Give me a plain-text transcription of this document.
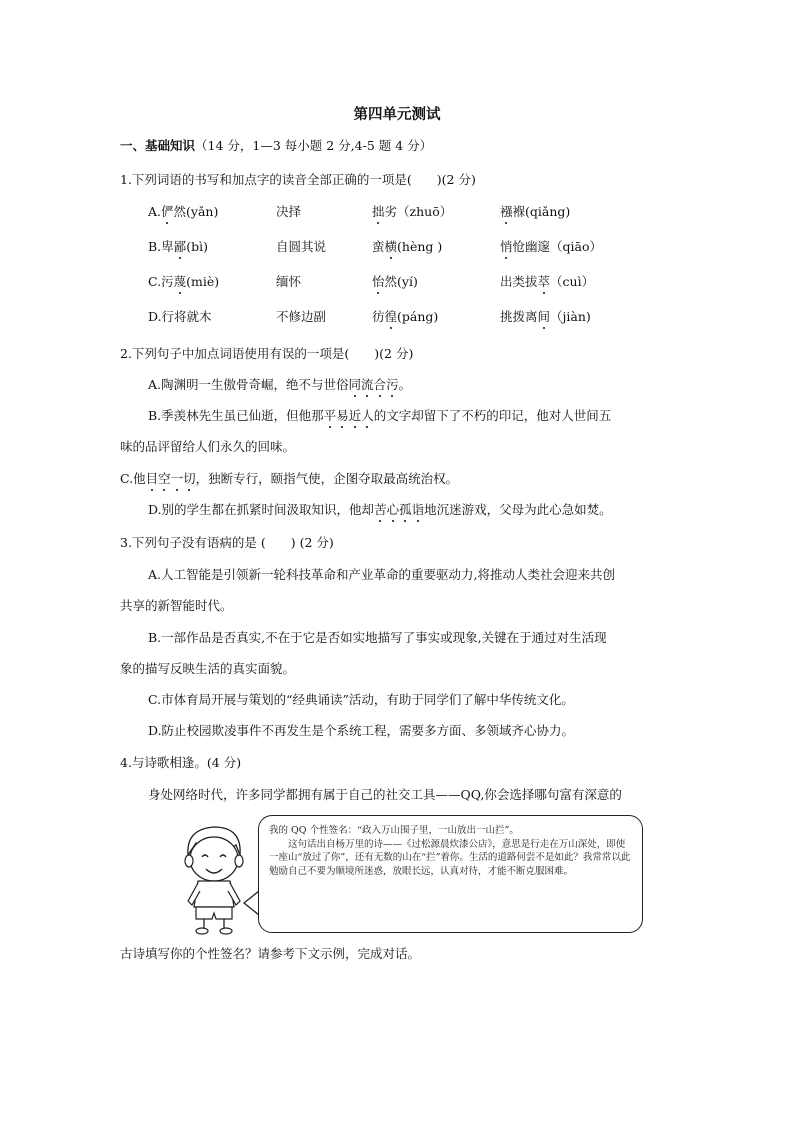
第四单元测试
一、基础知识（14 分，1—3 每小题 2 分,4-5 题 4 分）
1.下列词语的书写和加点字的读音全部正确的一项是(　　)(2 分)
A.俨然(yǎn)	决择	拙劣（zhuō）	襁褓(qiǎng)
B.卑鄙(bì)	自圆其说	蛮横(hèng )	悄怆幽邃（qiāo）
C.污蔑(miè)	缅怀	怡然(yí)	出类拔萃（cuì）
D.行将就木	不修边副	彷徨(páng)	挑拨离间（jiàn)
2.下列句子中加点词语使用有误的一项是(　　)(2 分)
A.陶渊明一生傲骨奇崛，绝不与世俗同流合污。
B.季羡林先生虽已仙逝，但他那平易近人的文字却留下了不朽的印记，他对人世间五
味的品评留给人们永久的回味。
C.他目空一切，独断专行，颐指气使，企图夺取最高统治权。
D.别的学生都在抓紧时间汲取知识，他却苦心孤诣地沉迷游戏，父母为此心急如焚。
3.下列句子没有语病的是 (　　) (2 分)
A.人工智能是引领新一轮科技革命和产业革命的重要驱动力,将推动人类社会迎来共创
共享的新智能时代。
B.一部作品是否真实,不在于它是否如实地描写了事实或现象,关键在于通过对生活现
象的描写反映生活的真实面貌。
C.市体育局开展与策划的“经典诵读”活动，有助于同学们了解中华传统文化。
D.防止校园欺凌事件不再发生是个系统工程，需要多方面、多领域齐心协力。
4.与诗歌相逢。(4 分)
身处网络时代，许多同学都拥有属于自己的社交工具——QQ,你会选择哪句富有深意的

我的 QQ 个性签名：“政入万山围子里，一山放出一山拦”。

这句话出自杨万里的诗——《过松源晨炊漆公店》，意思是行走在万山深处，即使一座山“放过了你”，还有无数的山在“拦”着你。生活的道路何尝不是如此？我常常以此勉励自己不要为顺境所迷惑，放眼长远，认真对待，才能不断克服困难。

古诗填写你的个性签名？请参考下文示例，完成对话。
